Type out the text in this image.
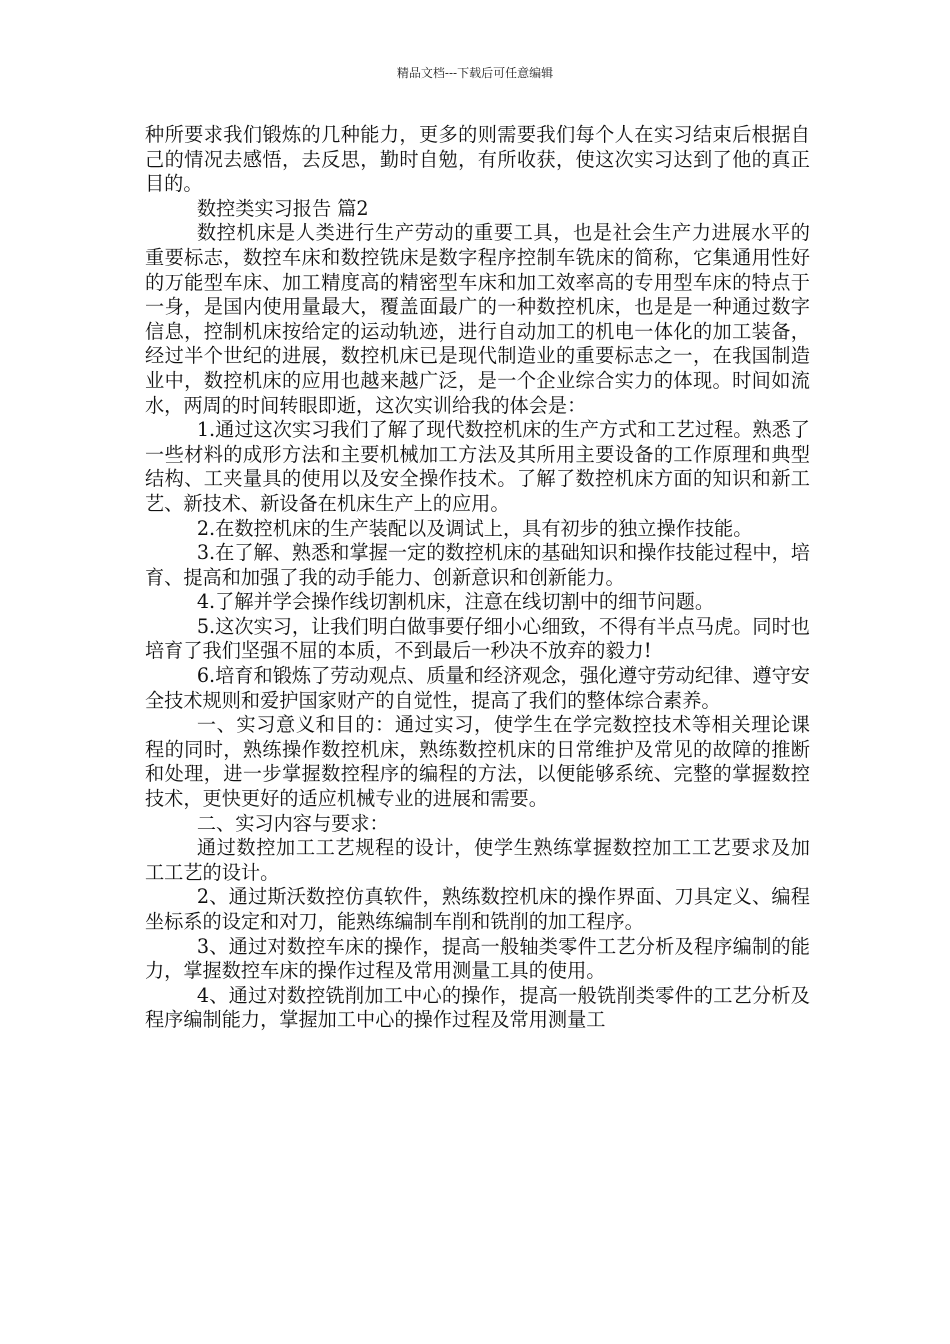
精品文档---下载后可任意编辑

种所要求我们锻炼的几种能力，更多的则需要我们每个人在实习结束后根据自己的情况去感悟，去反思，勤时自勉，有所收获，使这次实习达到了他的真正目的。

数控类实习报告 篇2

数控机床是人类进行生产劳动的重要工具，也是社会生产力进展水平的重要标志，数控车床和数控铣床是数字程序控制车铣床的简称，它集通用性好的万能型车床、加工精度高的精密型车床和加工效率高的专用型车床的特点于一身，是国内使用量最大，覆盖面最广的一种数控机床，也是是一种通过数字信息，控制机床按给定的运动轨迹，进行自动加工的机电一体化的加工装备，经过半个世纪的进展，数控机床已是现代制造业的重要标志之一，在我国制造业中，数控机床的应用也越来越广泛，是一个企业综合实力的体现。时间如流水，两周的时间转眼即逝，这次实训给我的体会是：

1.通过这次实习我们了解了现代数控机床的生产方式和工艺过程。熟悉了一些材料的成形方法和主要机械加工方法及其所用主要设备的工作原理和典型结构、工夹量具的使用以及安全操作技术。了解了数控机床方面的知识和新工艺、新技术、新设备在机床生产上的应用。

2.在数控机床的生产装配以及调试上，具有初步的独立操作技能。

3.在了解、熟悉和掌握一定的数控机床的基础知识和操作技能过程中，培育、提高和加强了我的动手能力、创新意识和创新能力。

4.了解并学会操作线切割机床，注意在线切割中的细节问题。

5.这次实习，让我们明白做事要仔细小心细致，不得有半点马虎。同时也培育了我们坚强不屈的本质，不到最后一秒决不放弃的毅力!

6.培育和锻炼了劳动观点、质量和经济观念，强化遵守劳动纪律、遵守安全技术规则和爱护国家财产的自觉性，提高了我们的整体综合素养。

一、实习意义和目的：通过实习，使学生在学完数控技术等相关理论课程的同时，熟练操作数控机床，熟练数控机床的日常维护及常见的故障的推断和处理，进一步掌握数控程序的编程的方法，以便能够系统、完整的掌握数控技术，更快更好的适应机械专业的进展和需要。

二、实习内容与要求：

通过数控加工工艺规程的设计，使学生熟练掌握数控加工工艺要求及加工工艺的设计。

2、通过斯沃数控仿真软件，熟练数控机床的操作界面、刀具定义、编程坐标系的设定和对刀，能熟练编制车削和铣削的加工程序。

3、通过对数控车床的操作，提高一般轴类零件工艺分析及程序编制的能力，掌握数控车床的操作过程及常用测量工具的使用。

4、通过对数控铣削加工中心的操作，提高一般铣削类零件的工艺分析及程序编制能力，掌握加工中心的操作过程及常用测量工
